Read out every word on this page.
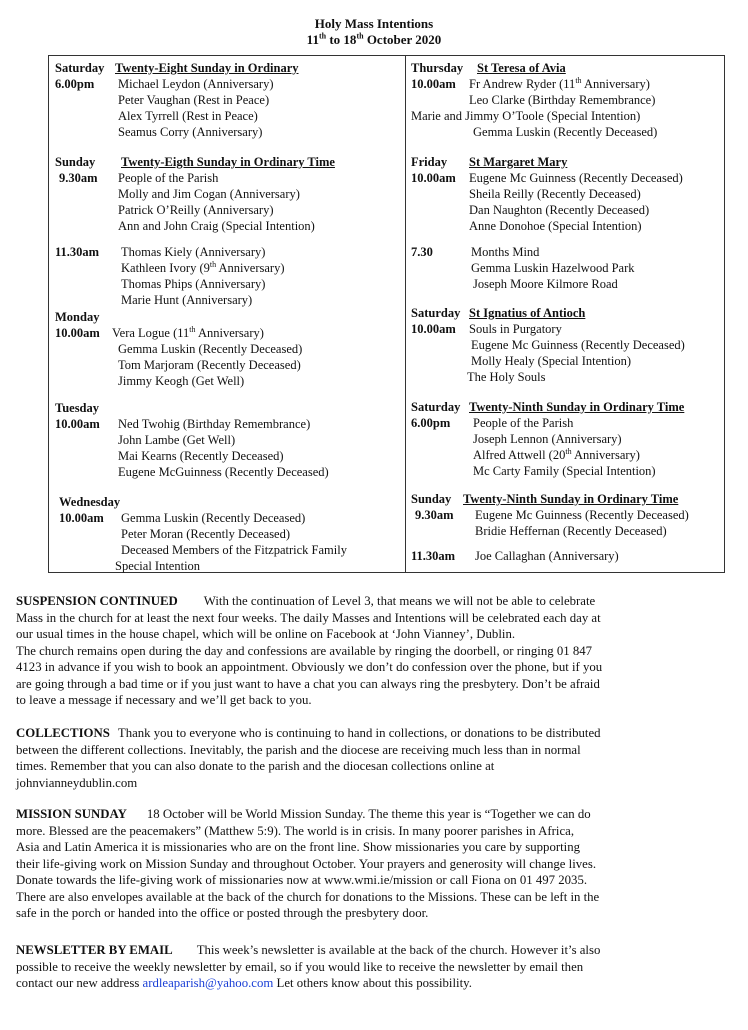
Holy Mass Intentions
11th to 18th October 2020
Saturday Twenty-Eight Sunday in Ordinary
6.00pm Michael Leydon (Anniversary)
Peter Vaughan (Rest in Peace)
Alex Tyrrell (Rest in Peace)
Seamus Corry (Anniversary)
Sunday Twenty-Eigth Sunday in Ordinary Time
9.30am People of the Parish
Molly and Jim Cogan (Anniversary)
Patrick O’Reilly (Anniversary)
Ann and John Craig (Special Intention)
11.30am Thomas Kiely (Anniversary)
Kathleen Ivory (9th Anniversary)
Thomas Phips (Anniversary)
Marie Hunt (Anniversary)
Monday
10.00am Vera Logue (11th Anniversary)
Gemma Luskin (Recently Deceased)
Tom Marjoram (Recently Deceased)
Jimmy Keogh (Get Well)
Tuesday
10.00am Ned Twohig (Birthday Remembrance)
John Lambe (Get Well)
Mai Kearns (Recently Deceased)
Eugene McGuinness (Recently Deceased)
Wednesday
10.00am Gemma Luskin (Recently Deceased)
Peter Moran (Recently Deceased)
Deceased Members of the Fitzpatrick Family
Special Intention
Thursday St Teresa of Avia
10.00am Fr Andrew Ryder (11th Anniversary)
Leo Clarke (Birthday Remembrance)
Marie and Jimmy O’Toole (Special Intention)
Gemma Luskin (Recently Deceased)
Friday St Margaret Mary
10.00am Eugene Mc Guinness (Recently Deceased)
Sheila Reilly (Recently Deceased)
Dan Naughton (Recently Deceased)
Anne Donohoe (Special Intention)
7.30	Months Mind
Gemma Luskin Hazelwood Park
Joseph Moore Kilmore Road
Saturday St Ignatius of Antioch
10.00am Souls in Purgatory
Eugene Mc Guinness (Recently Deceased)
Molly Healy (Special Intention)
The Holy Souls
Saturday Twenty-Ninth Sunday in Ordinary Time
6.00pm People of the Parish
Joseph Lennon (Anniversary)
Alfred Attwell (20th Anniversary)
Mc Carty Family (Special Intention)
Sunday Twenty-Ninth Sunday in Ordinary Time
9.30am Eugene Mc Guinness (Recently Deceased)
Bridie Heffernan (Recently Deceased)
11.30am Joe Callaghan (Anniversary)
SUSPENSION CONTINUED With the continuation of Level 3, that means we will not be able to celebrate
Mass in the church for at least the next four weeks. The daily Masses and Intentions will be celebrated each day at
our usual times in the house chapel, which will be online on Facebook at ‘John Vianney’, Dublin.
The church remains open during the day and confessions are available by ringing the doorbell, or ringing 01 847
4123 in advance if you wish to book an appointment. Obviously we don’t do confession over the phone, but if you
are going through a bad time or if you just want to have a chat you can always ring the presbytery. Don’t be afraid
to leave a message if necessary and we’ll get back to you.
COLLECTIONS Thank you to everyone who is continuing to hand in collections, or donations to be distributed
between the different collections. Inevitably, the parish and the diocese are receiving much less than in normal
times. Remember that you can also donate to the parish and the diocesan collections online at
johnvianneydublin.com
MISSION SUNDAY 18 October will be World Mission Sunday. The theme this year is “Together we can do
more. Blessed are the peacemakers” (Matthew 5:9). The world is in crisis. In many poorer parishes in Africa,
Asia and Latin America it is missionaries who are on the front line. Show missionaries you care by supporting
their life-giving work on Mission Sunday and throughout October. Your prayers and generosity will change lives.
Donate towards the life-giving work of missionaries now at www.wmi.ie/mission or call Fiona on 01 497 2035.
There are also envelopes available at the back of the church for donations to the Missions. These can be left in the
safe in the porch or handed into the office or posted through the presbytery door.
NEWSLETTER BY EMAIL This week’s newsletter is available at the back of the church. However it’s also
possible to receive the weekly newsletter by email, so if you would like to receive the newsletter by email then
contact our new address ardleaparish@yahoo.com Let others know about this possibility.
